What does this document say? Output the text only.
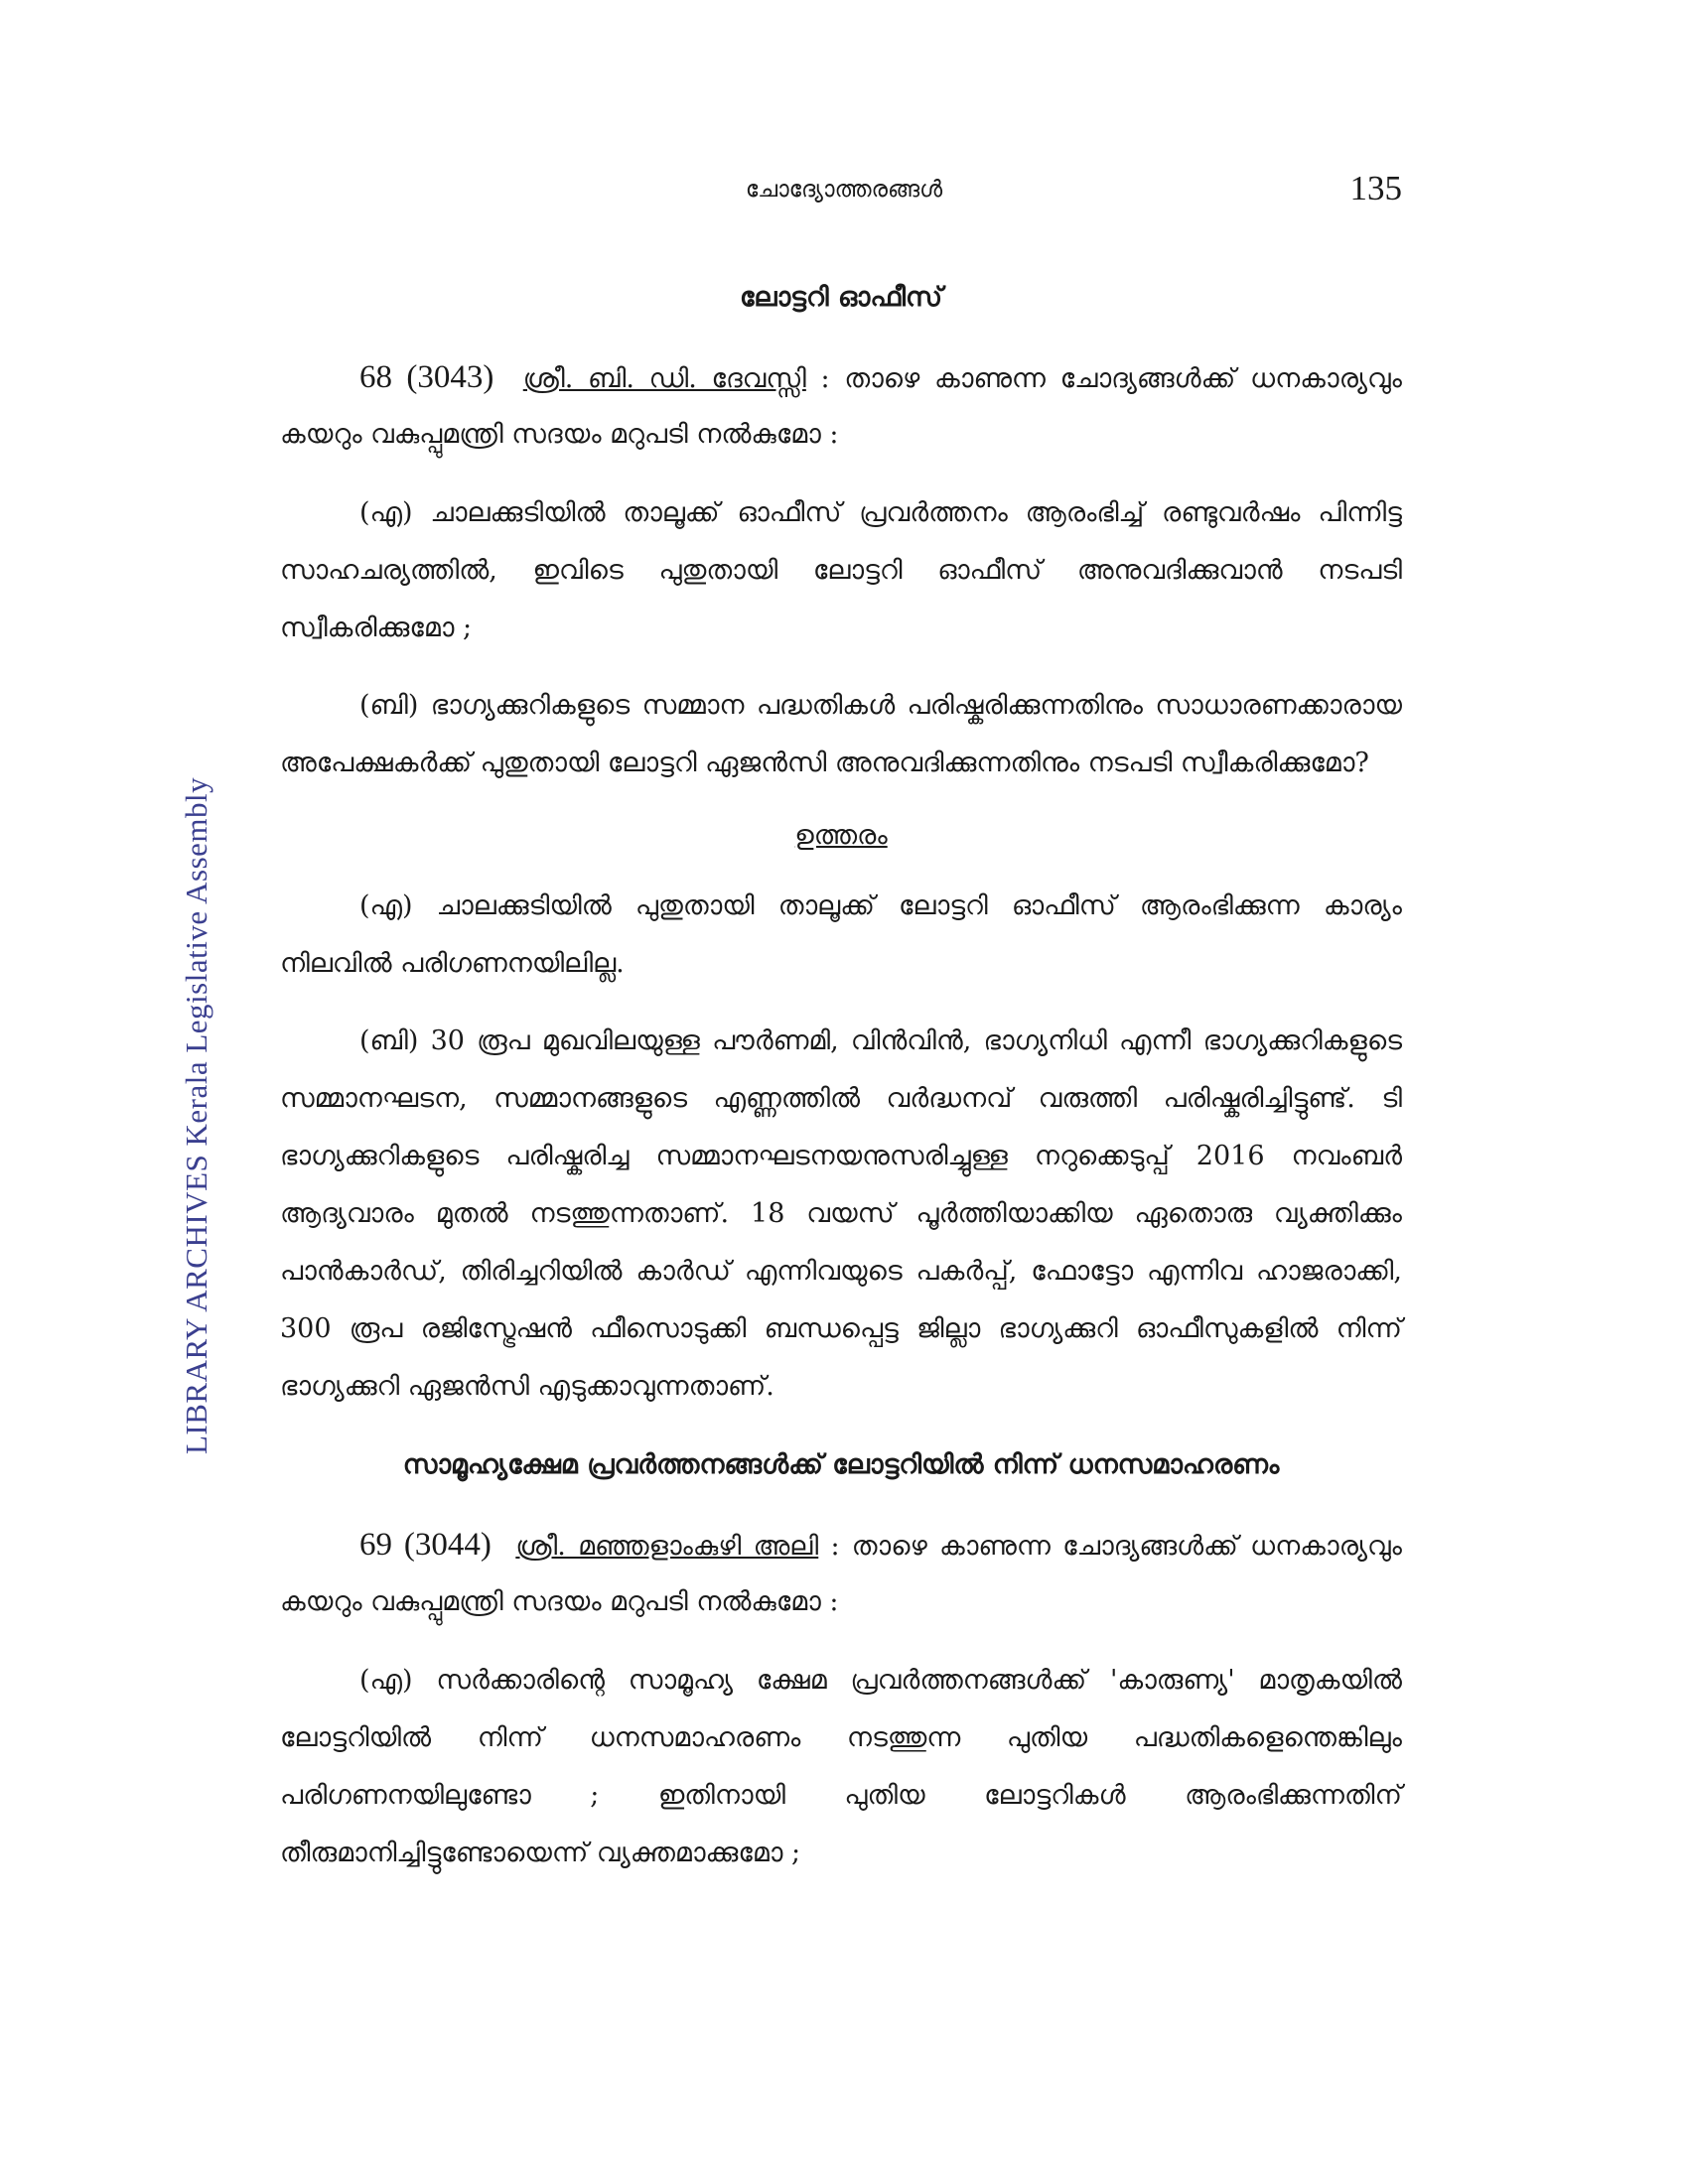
LIBRARY ARCHIVES Kerala Legislative Assembly
ചോദ്യോത്തരങ്ങൾ	135
ലോട്ടറി ഓഫീസ്

68 (3043) ശ്രീ. ബി. ഡി. ദേവസ്സി : താഴെ കാണുന്ന ചോദ്യങ്ങൾക്ക് ധനകാര്യവും കയറും വകുപ്പുമന്ത്രി സദയം മറുപടി നൽകുമോ :

(എ) ചാലക്കുടിയിൽ താലൂക്ക് ഓഫീസ് പ്രവർത്തനം ആരംഭിച്ച് രണ്ടുവർഷം പിന്നിട്ട സാഹചര്യത്തിൽ, ഇവിടെ പുതുതായി ലോട്ടറി ഓഫീസ് അനുവദിക്കുവാൻ നടപടി സ്വീകരിക്കുമോ ;

(ബി) ഭാഗ്യക്കുറികളുടെ സമ്മാന പദ്ധതികൾ പരിഷ്കരിക്കുന്നതിനും സാധാരണക്കാരായ അപേക്ഷകർക്ക് പുതുതായി ലോട്ടറി ഏജൻസി അനുവദിക്കുന്നതിനും നടപടി സ്വീകരിക്കുമോ?

ഉത്തരം

(എ) ചാലക്കുടിയിൽ പുതുതായി താലൂക്ക് ലോട്ടറി ഓഫീസ് ആരംഭിക്കുന്ന കാര്യം നിലവിൽ പരിഗണനയിലില്ല.

(ബി) 30 രൂപ മുഖവിലയുള്ള പൗർണമി, വിൻവിൻ, ഭാഗ്യനിധി എന്നീ ഭാഗ്യക്കുറികളുടെ സമ്മാനഘടന, സമ്മാനങ്ങളുടെ എണ്ണത്തിൽ വർദ്ധനവ് വരുത്തി പരിഷ്കരിച്ചിട്ടുണ്ട്. ടി ഭാഗ്യക്കുറികളുടെ പരിഷ്കരിച്ച സമ്മാനഘടനയനുസരിച്ചുള്ള നറുക്കെടുപ്പ് 2016 നവംബർ ആദ്യവാരം മുതൽ നടത്തുന്നതാണ്. 18 വയസ് പൂർത്തിയാക്കിയ ഏതൊരു വ്യക്തിക്കും പാൻകാർഡ്, തിരിച്ചറിയിൽ കാർഡ് എന്നിവയുടെ പകർപ്പ്, ഫോട്ടോ എന്നിവ ഹാജരാക്കി, 300 രൂപ രജിസ്ട്രേഷൻ ഫീസൊടുക്കി ബന്ധപ്പെട്ട ജില്ലാ ഭാഗ്യക്കുറി ഓഫീസുകളിൽ നിന്ന് ഭാഗ്യക്കുറി ഏജൻസി എടുക്കാവുന്നതാണ്.

സാമൂഹ്യക്ഷേമ പ്രവർത്തനങ്ങൾക്ക് ലോട്ടറിയിൽ നിന്ന് ധനസമാഹരണം

69 (3044) ശ്രീ. മഞ്ഞളാംകുഴി അലി : താഴെ കാണുന്ന ചോദ്യങ്ങൾക്ക് ധനകാര്യവും കയറും വകുപ്പുമന്ത്രി സദയം മറുപടി നൽകുമോ :

(എ) സർക്കാരിന്റെ സാമൂഹ്യ ക്ഷേമ പ്രവർത്തനങ്ങൾക്ക് 'കാരുണ്യ' മാതൃകയിൽ ലോട്ടറിയിൽ നിന്ന് ധനസമാഹരണം നടത്തുന്ന പുതിയ പദ്ധതികളെന്തെങ്കിലും പരിഗണനയിലുണ്ടോ ; ഇതിനായി പുതിയ ലോട്ടറികൾ ആരംഭിക്കുന്നതിന് തീരുമാനിച്ചിട്ടുണ്ടോയെന്ന് വ്യക്തമാക്കുമോ ;
